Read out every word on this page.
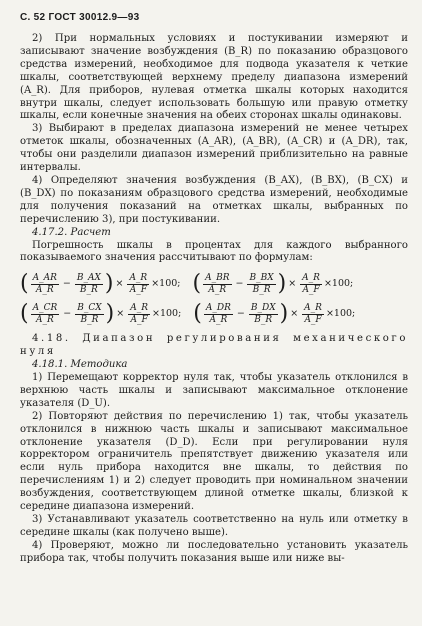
С. 52 ГОСТ 30012.9—93

2) При нормальных условиях и постукивании измеряют и записывают значение возбуждения (B_R) по показанию образцового средства измерений, необходимое для подвода указателя к четкие шкалы, соответствующей верхнему пределу диапазона измерений (A_R). Для приборов, нулевая отметка шкалы которых находится внутри шкалы, следует использовать большую или правую отметку шкалы, если конечные значения на обеих сторонах шкалы одинаковы.

3) Выбирают в пределах диапазона измерений не менее четырех отметок шкалы, обозначенных (A_AR), (A_BR), (A_CR) и (A_DR), так, чтобы они разделили диапазон измерений приблизительно на равные интервалы.

4) Определяют значения возбуждения (B_AX), (B_BX), (B_CX) и (B_DX) по показаниям образцового средства измерений, необходимые для получения показаний на отметках шкалы, выбранных по перечислению 3), при постукивании.

4.17.2. Расчет

Погрешность шкалы в процентах для каждого выбранного показываемого значения рассчитывают по формулам:

( $\frac{A\_AR}{A\_R} - \frac{B\_AX}{B\_R}$ ) × $\frac{A\_R}{A\_F} \times 100$; ( $\frac{A\_BR}{A\_R} - \frac{B\_BX}{B\_R}$ ) × $\frac{A\_R}{A\_F} \times 100$;
( $\frac{A\_CR}{A\_R} - \frac{B\_CX}{B\_R}$ ) × $\frac{A\_R}{A\_F} \times 100$; ( $\frac{A\_DR}{A\_R} - \frac{B\_DX}{B\_R}$ ) × $\frac{A\_R}{A\_F} \times 100$;

4.18. Диапазон регулирования механического нуля

4.18.1. Методика

1) Перемещают корректор нуля так, чтобы указатель отклонился в верхнюю часть шкалы и записывают максимальное отклонение указателя (D_U).

2) Повторяют действия по перечислению 1) так, чтобы указатель отклонился в нижнюю часть шкалы и записывают максимальное отклонение указателя (D_D). Если при регулировании нуля корректором ограничитель препятствует движению указателя или если нуль прибора находится вне шкалы, то действия по перечислениям 1) и 2) следует проводить при номинальном значении возбуждения, соответствующем длиной отметке шкалы, близкой к середине диапазона измерений.

3) Устанавливают указатель соответственно на нуль или отметку в середине шкалы (как получено выше).

4) Проверяют, можно ли последовательно установить указатель прибора так, чтобы получить показания выше или ниже вы-
